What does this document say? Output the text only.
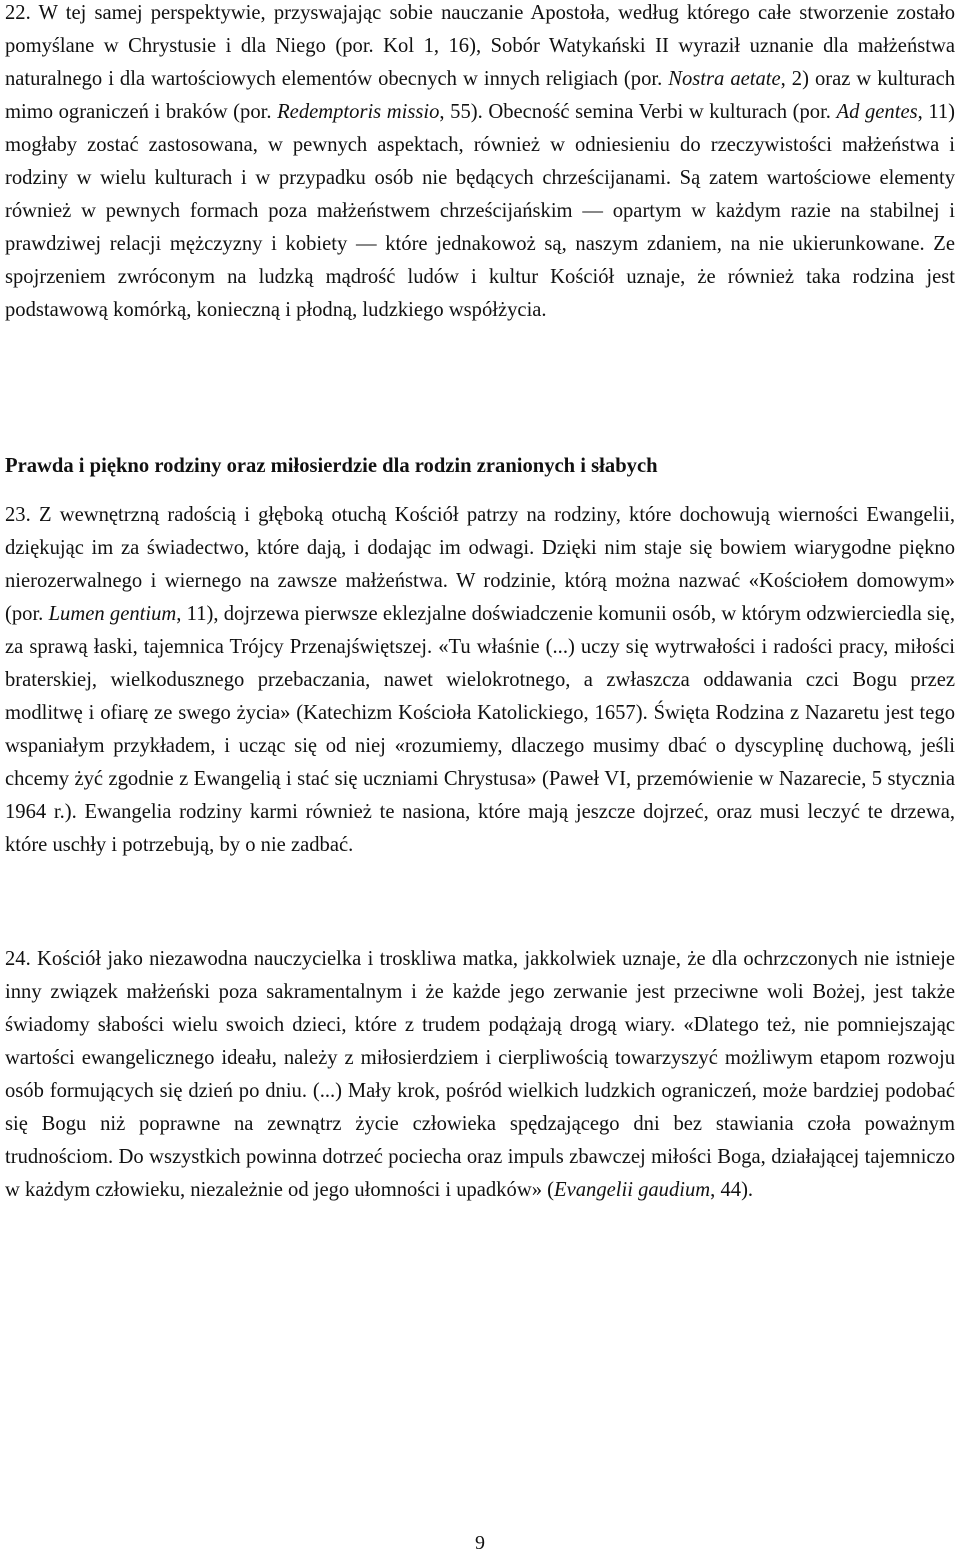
22. W tej samej perspektywie, przyswajając sobie nauczanie Apostoła, według którego całe stworzenie zostało pomyślane w Chrystusie i dla Niego (por. Kol 1, 16), Sobór Watykański II wyraził uznanie dla małżeństwa naturalnego i dla wartościowych elementów obecnych w innych religiach (por. Nostra aetate, 2) oraz w kulturach mimo ograniczeń i braków (por. Redemptoris missio, 55). Obecność semina Verbi w kulturach (por. Ad gentes, 11) mogłaby zostać zastosowana, w pewnych aspektach, również w odniesieniu do rzeczywistości małżeństwa i rodziny w wielu kulturach i w przypadku osób nie będących chrześcijanami. Są zatem wartościowe elementy również w pewnych formach poza małżeństwem chrześcijańskim — opartym w każdym razie na stabilnej i prawdziwej relacji mężczyzny i kobiety — które jednakowoż są, naszym zdaniem, na nie ukierunkowane. Ze spojrzeniem zwróconym na ludzką mądrość ludów i kultur Kościół uznaje, że również taka rodzina jest podstawową komórką, konieczną i płodną, ludzkiego współżycia.

Prawda i piękno rodziny oraz miłosierdzie dla rodzin zranionych i słabych

23. Z wewnętrzną radością i głęboką otuchą Kościół patrzy na rodziny, które dochowują wierności Ewangelii, dziękując im za świadectwo, które dają, i dodając im odwagi. Dzięki nim staje się bowiem wiarygodne piękno nierozerwalnego i wiernego na zawsze małżeństwa. W rodzinie, którą można nazwać «Kościołem domowym» (por. Lumen gentium, 11), dojrzewa pierwsze eklezjalne doświadczenie komunii osób, w którym odzwierciedla się, za sprawą łaski, tajemnica Trójcy Przenajświętszej. «Tu właśnie (...) uczy się wytrwałości i radości pracy, miłości braterskiej, wielkodusznego przebaczania, nawet wielokrotnego, a zwłaszcza oddawania czci Bogu przez modlitwę i ofiarę ze swego życia» (Katechizm Kościoła Katolickiego, 1657). Święta Rodzina z Nazaretu jest tego wspaniałym przykładem, i ucząc się od niej «rozumiemy, dlaczego musimy dbać o dyscyplinę duchową, jeśli chcemy żyć zgodnie z Ewangelią i stać się uczniami Chrystusa» (Paweł VI, przemówienie w Nazarecie, 5 stycznia 1964 r.). Ewangelia rodziny karmi również te nasiona, które mają jeszcze dojrzeć, oraz musi leczyć te drzewa, które uschły i potrzebują, by o nie zadbać.

24. Kościół jako niezawodna nauczycielka i troskliwa matka, jakkolwiek uznaje, że dla ochrzczonych nie istnieje inny związek małżeński poza sakramentalnym i że każde jego zerwanie jest przeciwne woli Bożej, jest także świadomy słabości wielu swoich dzieci, które z trudem podążają drogą wiary. «Dlatego też, nie pomniejszając wartości ewangelicznego ideału, należy z miłosierdziem i cierpliwością towarzyszyć możliwym etapom rozwoju osób formujących się dzień po dniu. (...) Mały krok, pośród wielkich ludzkich ograniczeń, może bardziej podobać się Bogu niż poprawne na zewnątrz życie człowieka spędzającego dni bez stawiania czoła poważnym trudnościom. Do wszystkich powinna dotrzeć pociecha oraz impuls zbawczej miłości Boga, działającej tajemniczo w każdym człowieku, niezależnie od jego ułomności i upadków» (Evangelii gaudium, 44).

9
